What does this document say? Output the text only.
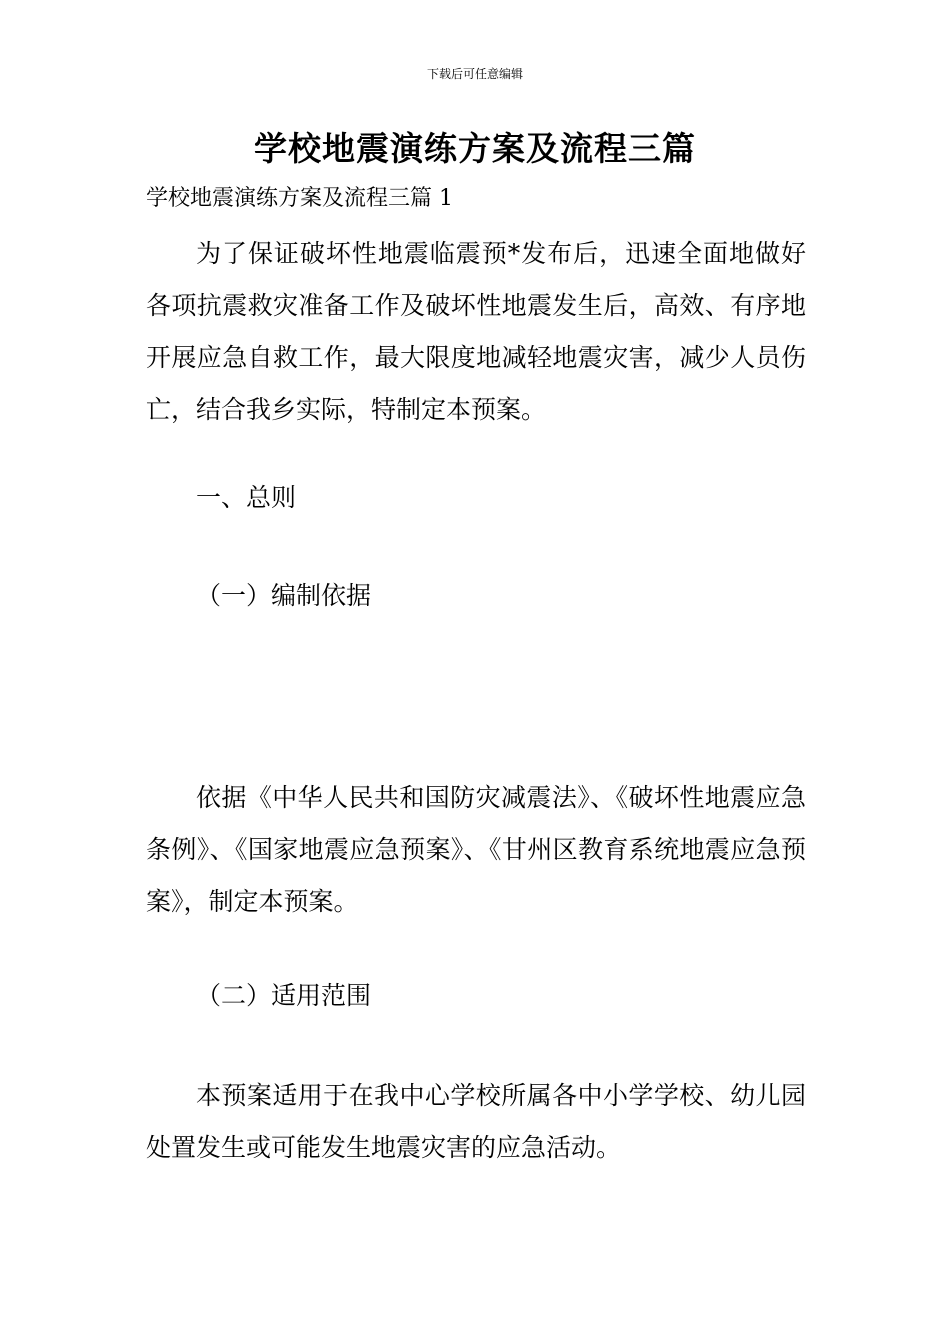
下载后可任意编辑
学校地震演练方案及流程三篇
学校地震演练方案及流程三篇 1

为了保证破坏性地震临震预*发布后，迅速全面地做好各项抗震救灾准备工作及破坏性地震发生后，高效、有序地开展应急自救工作，最大限度地减轻地震灾害，减少人员伤亡，结合我乡实际，特制定本预案。

一、总则
（一）编制依据

依据《中华人民共和国防灾减震法》、《破坏性地震应急条例》、《国家地震应急预案》、《甘州区教育系统地震应急预案》，制定本预案。

（二）适用范围

本预案适用于在我中心学校所属各中小学学校、幼儿园处置发生或可能发生地震灾害的应急活动。
